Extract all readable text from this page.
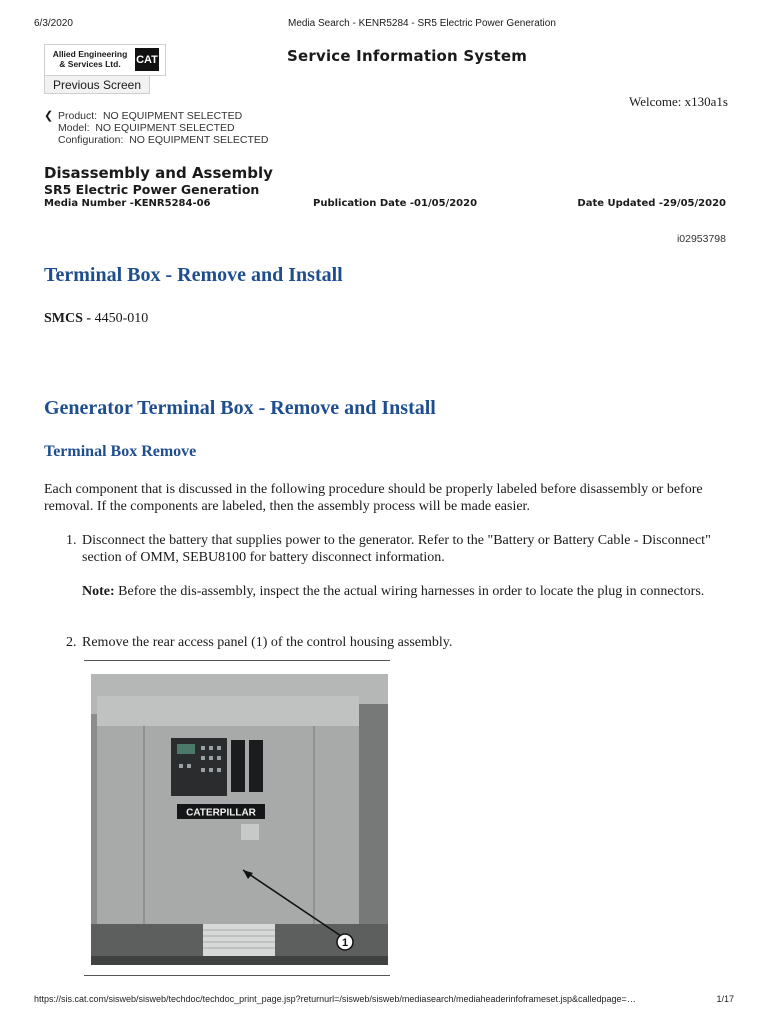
6/3/2020	Media Search - KENR5284 - SR5 Electric Power Generation
Allied Engineering & Services Ltd.	CAT
Previous Screen
Service Information System
Welcome: x130a1s
❮ Product:  NO EQUIPMENT SELECTED
Model:  NO EQUIPMENT SELECTED
Configuration:  NO EQUIPMENT SELECTED
Disassembly and Assembly
SR5 Electric Power Generation
Media Number -KENR5284-06	Publication Date -01/05/2020	Date Updated -29/05/2020
i02953798
Terminal Box - Remove and Install
SMCS - 4450-010
Generator Terminal Box - Remove and Install
Terminal Box Remove
Each component that is discussed in the following procedure should be properly labeled before disassembly or before removal. If the components are labeled, then the assembly process will be made easier.
1. Disconnect the battery that supplies power to the generator. Refer to the "Battery or Battery Cable - Disconnect" section of OMM, SEBU8100 for battery disconnect information.
Note: Before the dis-assembly, inspect the the actual wiring harnesses in order to locate the plug in connectors.
2. Remove the rear access panel (1) of the control housing assembly.
CATERPILLAR
1
https://sis.cat.com/sisweb/sisweb/techdoc/techdoc_print_page.jsp?returnurl=/sisweb/sisweb/mediasearch/mediaheaderinfoframeset.jsp&calledpage=…	1/17
